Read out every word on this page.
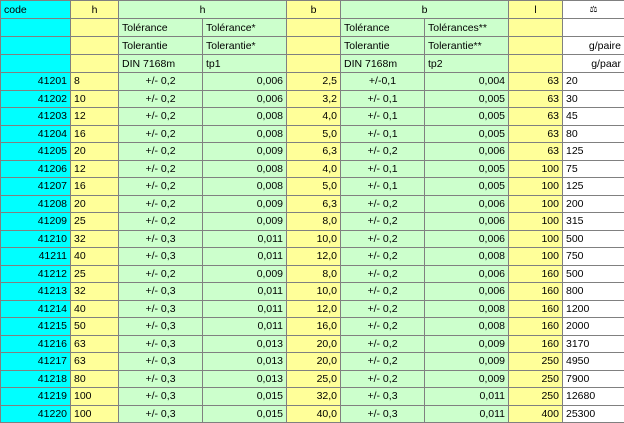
code	h	h		b	b		l	⚖
		Tolérance	Tolérance*		Tolérance	Tolérances**		
		Tolerantie	Tolerantie*		Tolerantie	Tolerantie**		g/paire
		DIN 7168m	tp1		DIN 7168m	tp2		g/paar
41201	8	+/- 0,2	0,006	2,5	+/-0,1	0,004	63	20
41202	10	+/- 0,2	0,006	3,2	+/- 0,1	0,005	63	30
41203	12	+/- 0,2	0,008	4,0	+/- 0,1	0,005	63	45
41204	16	+/- 0,2	0,008	5,0	+/- 0,1	0,005	63	80
41205	20	+/- 0,2	0,009	6,3	+/- 0,2	0,006	63	125
41206	12	+/- 0,2	0,008	4,0	+/- 0,1	0,005	100	75
41207	16	+/- 0,2	0,008	5,0	+/- 0,1	0,005	100	125
41208	20	+/- 0,2	0,009	6,3	+/- 0,2	0,006	100	200
41209	25	+/- 0,2	0,009	8,0	+/- 0,2	0,006	100	315
41210	32	+/- 0,3	0,011	10,0	+/- 0,2	0,006	100	500
41211	40	+/- 0,3	0,011	12,0	+/- 0,2	0,008	100	750
41212	25	+/- 0,2	0,009	8,0	+/- 0,2	0,006	160	500
41213	32	+/- 0,3	0,011	10,0	+/- 0,2	0,006	160	800
41214	40	+/- 0,3	0,011	12,0	+/- 0,2	0,008	160	1200
41215	50	+/- 0,3	0,011	16,0	+/- 0,2	0,008	160	2000
41216	63	+/- 0,3	0,013	20,0	+/- 0,2	0,009	160	3170
41217	63	+/- 0,3	0,013	20,0	+/- 0,2	0,009	250	4950
41218	80	+/- 0,3	0,013	25,0	+/- 0,2	0,009	250	7900
41219	100	+/- 0,3	0,015	32,0	+/- 0,3	0,011	250	12680
41220	100	+/- 0,3	0,015	40,0	+/- 0,3	0,011	400	25300
